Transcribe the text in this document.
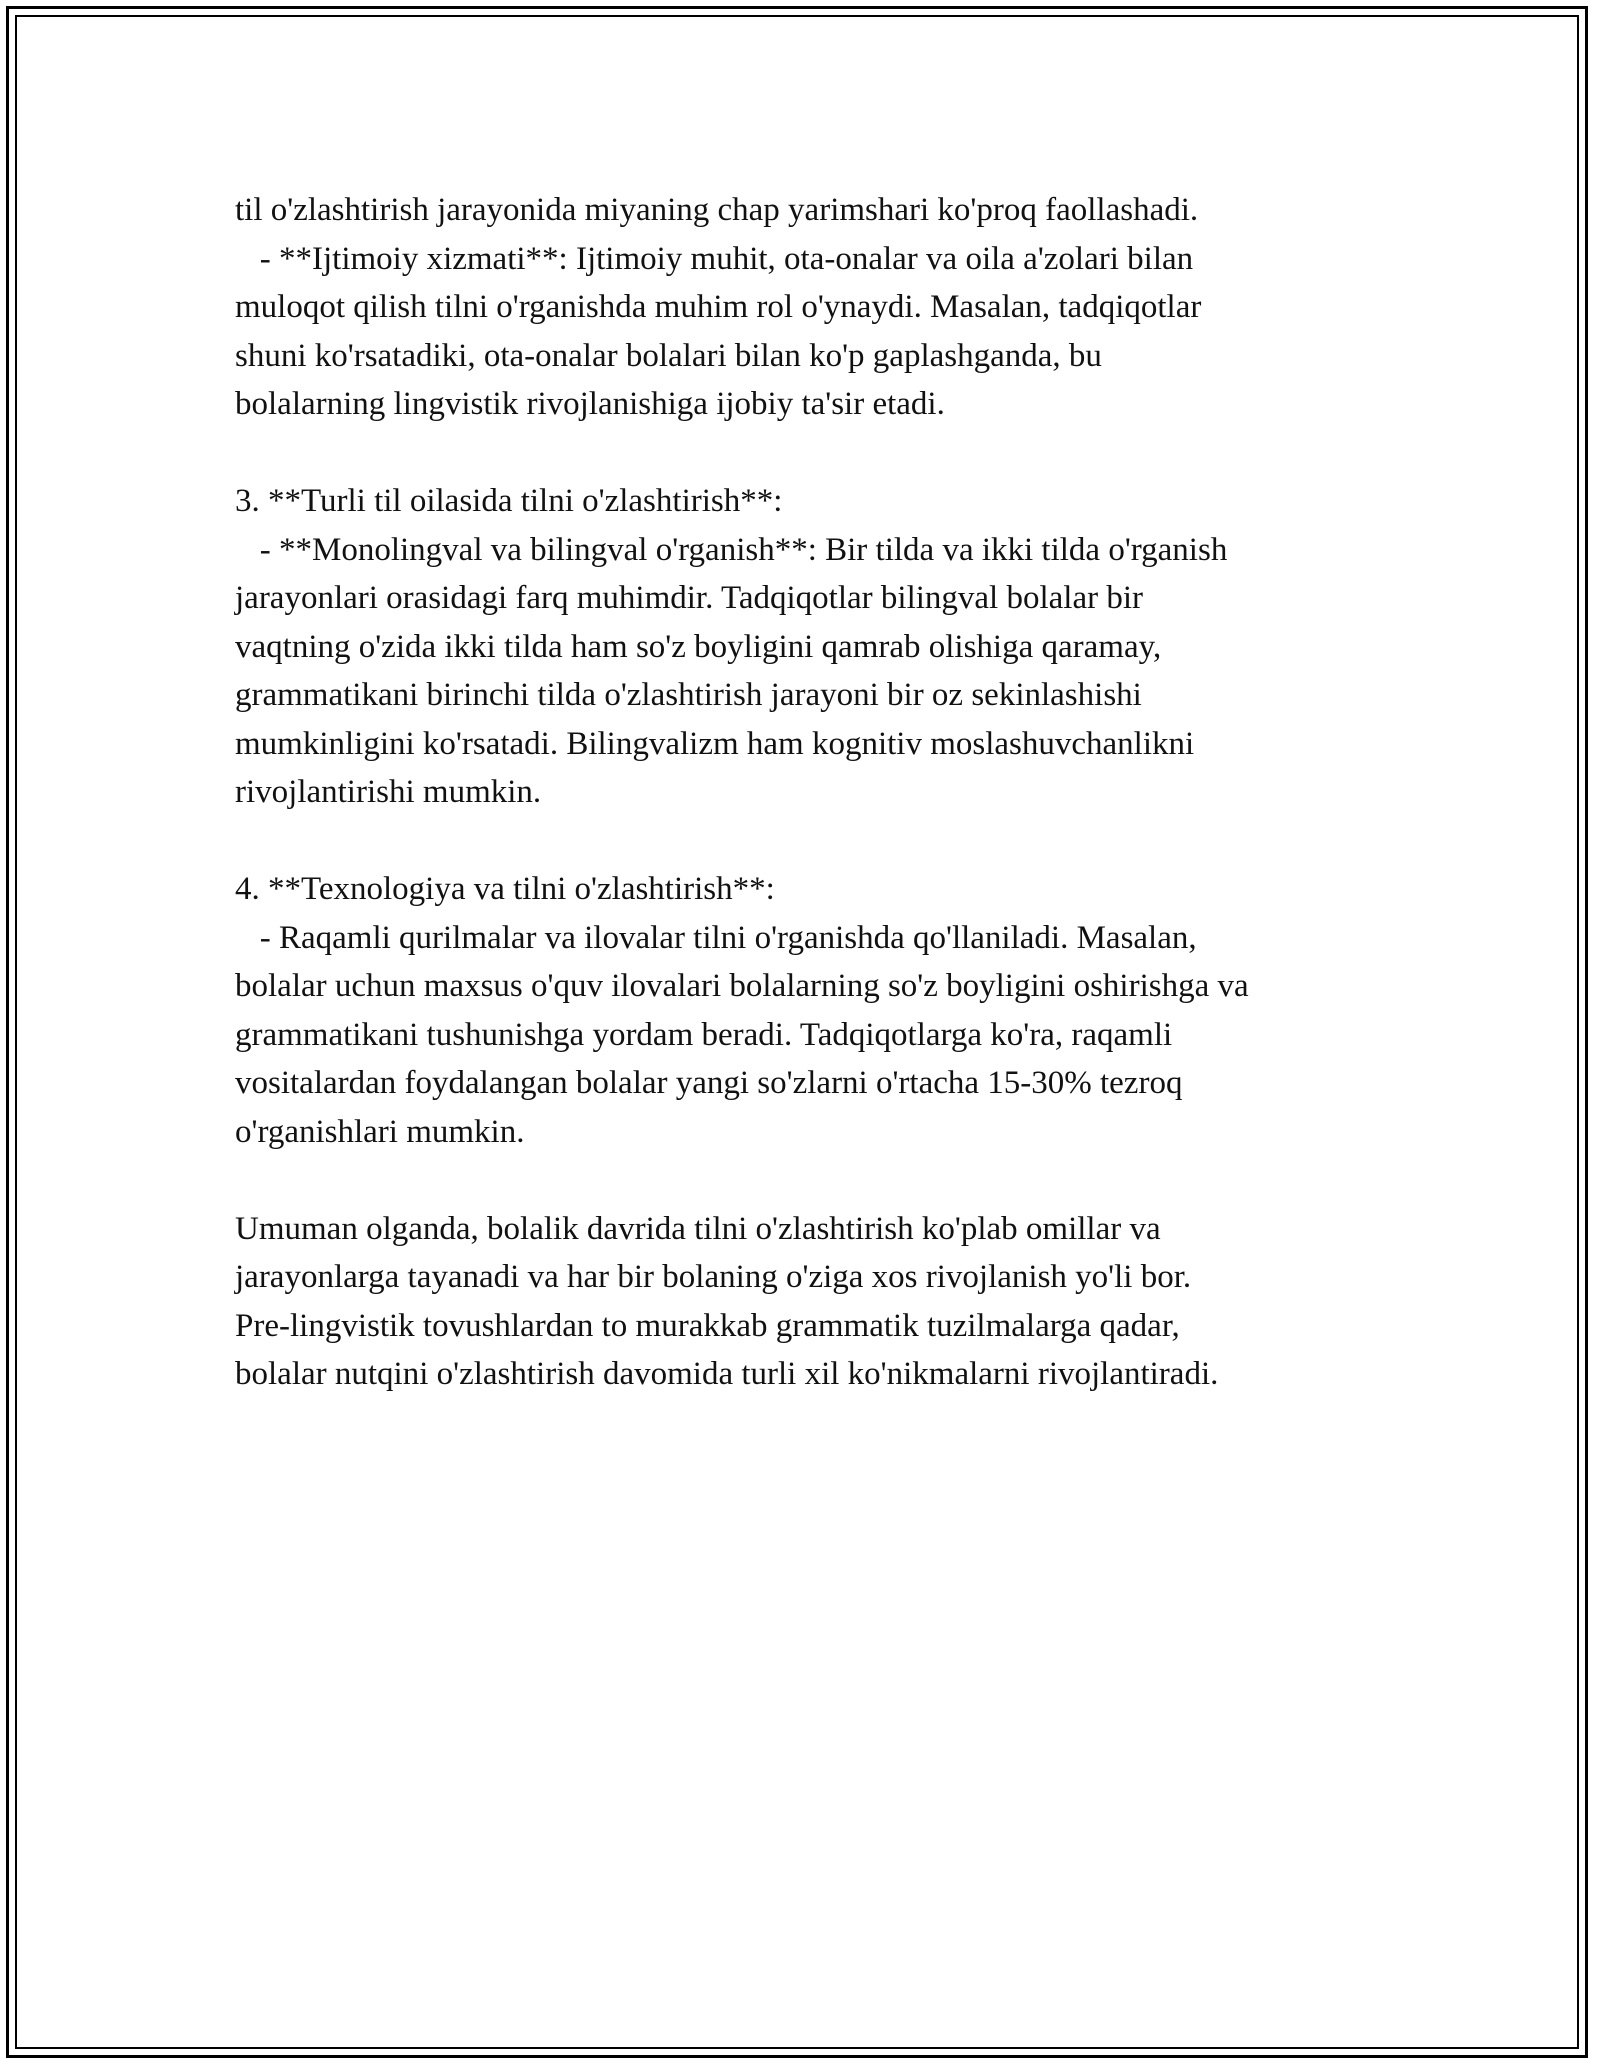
til o'zlashtirish jarayonida miyaning chap yarimshari ko'proq faollashadi.
- **Ijtimoiy xizmati**: Ijtimoiy muhit, ota-onalar va oila a'zolari bilan
muloqot qilish tilni o'rganishda muhim rol o'ynaydi. Masalan, tadqiqotlar
shuni ko'rsatadiki, ota-onalar bolalari bilan ko'p gaplashganda, bu
bolalarning lingvistik rivojlanishiga ijobiy ta'sir etadi.
3. **Turli til oilasida tilni o'zlashtirish**:
- **Monolingval va bilingval o'rganish**: Bir tilda va ikki tilda o'rganish
jarayonlari orasidagi farq muhimdir. Tadqiqotlar bilingval bolalar bir
vaqtning o'zida ikki tilda ham so'z boyligini qamrab olishiga qaramay,
grammatikani birinchi tilda o'zlashtirish jarayoni bir oz sekinlashishi
mumkinligini ko'rsatadi. Bilingvalizm ham kognitiv moslashuvchanlikni
rivojlantirishi mumkin.
4. **Texnologiya va tilni o'zlashtirish**:
- Raqamli qurilmalar va ilovalar tilni o'rganishda qo'llaniladi. Masalan,
bolalar uchun maxsus o'quv ilovalari bolalarning so'z boyligini oshirishga va
grammatikani tushunishga yordam beradi. Tadqiqotlarga ko'ra, raqamli
vositalardan foydalangan bolalar yangi so'zlarni o'rtacha 15-30% tezroq
o'rganishlari mumkin.
Umuman olganda, bolalik davrida tilni o'zlashtirish ko'plab omillar va
jarayonlarga tayanadi va har bir bolaning o'ziga xos rivojlanish yo'li bor.
Pre-lingvistik tovushlardan to murakkab grammatik tuzilmalarga qadar,
bolalar nutqini o'zlashtirish davomida turli xil ko'nikmalarni rivojlantiradi.
